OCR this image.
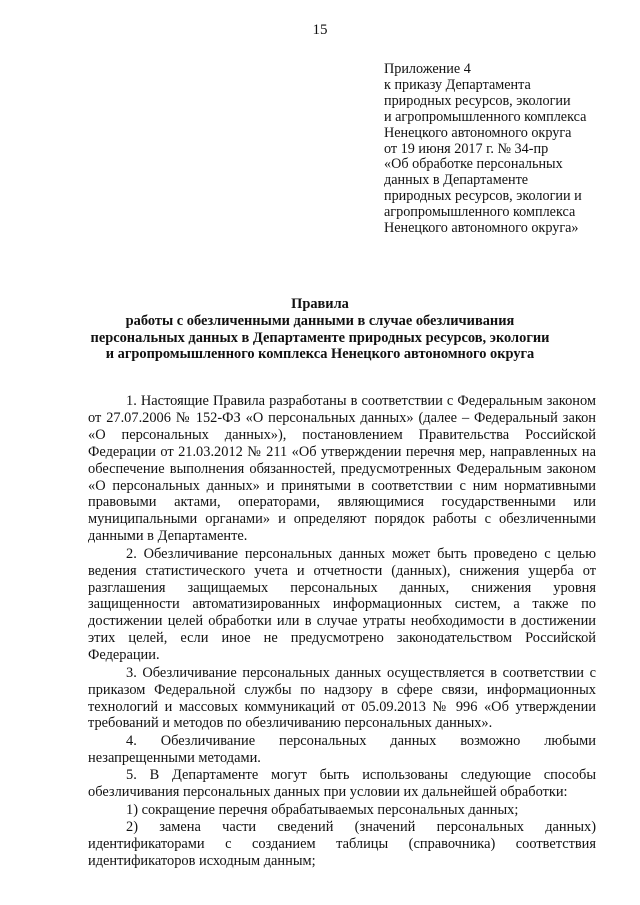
15
Приложение 4
к приказу Департамента
природных ресурсов, экологии
и агропромышленного комплекса
Ненецкого автономного округа
от 19 июня 2017 г. № 34-пр
«Об обработке персональных
данных в Департаменте
природных ресурсов, экологии и
агропромышленного комплекса
Ненецкого автономного округа»
Правила
работы с обезличенными данными в случае обезличивания
персональных данных в Департаменте природных ресурсов, экологии
и агропромышленного комплекса Ненецкого автономного округа

1. Настоящие Правила разработаны в соответствии с Федеральным законом от 27.07.2006 № 152-ФЗ «О персональных данных» (далее – Федеральный закон «О персональных данных»), постановлением Правительства Российской Федерации от 21.03.2012 № 211 «Об утверждении перечня мер, направленных на обеспечение выполнения обязанностей, предусмотренных Федеральным законом «О персональных данных» и принятыми в соответствии с ним нормативными правовыми актами, операторами, являющимися государственными или муниципальными органами» и определяют порядок работы с обезличенными данными в Департаменте.

2. Обезличивание персональных данных может быть проведено с целью ведения статистического учета и отчетности (данных), снижения ущерба от разглашения защищаемых персональных данных, снижения уровня защищенности автоматизированных информационных систем, а также по достижении целей обработки или в случае утраты необходимости в достижении этих целей, если иное не предусмотрено законодательством Российской Федерации.

3. Обезличивание персональных данных осуществляется в соответствии с приказом Федеральной службы по надзору в сфере связи, информационных технологий и массовых коммуникаций от 05.09.2013 № 996 «Об утверждении требований и методов по обезличиванию персональных данных».

4. Обезличивание персональных данных возможно любыми незапрещенными методами.

5. В Департаменте могут быть использованы следующие способы обезличивания персональных данных при условии их дальнейшей обработки:

1) сокращение перечня обрабатываемых персональных данных;

2) замена части сведений (значений персональных данных) идентификаторами с созданием таблицы (справочника) соответствия идентификаторов исходным данным;
